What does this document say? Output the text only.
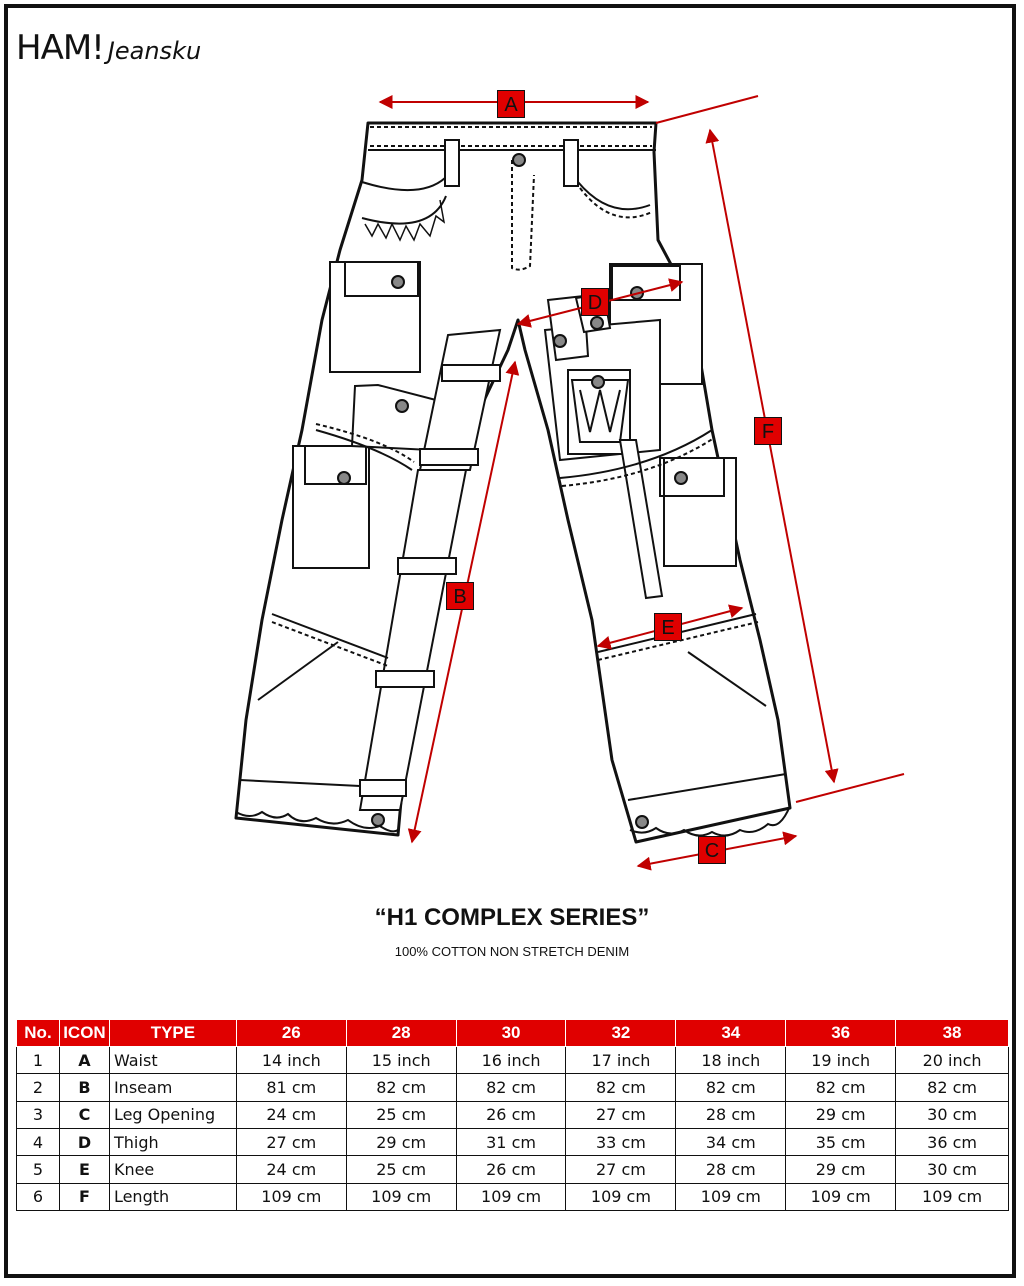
HAM! Jeansku
A
B
C
D
E
F
“H1 COMPLEX SERIES”
100% COTTON NON STRETCH DENIM
No.	ICON	TYPE	26	28	30	32	34	36	38
1	A	Waist	14 inch	15 inch	16 inch	17 inch	18 inch	19 inch	20 inch
2	B	Inseam	81 cm	82 cm	82 cm	82 cm	82 cm	82 cm	82 cm
3	C	Leg Opening	24 cm	25 cm	26 cm	27 cm	28 cm	29 cm	30 cm
4	D	Thigh	27 cm	29 cm	31 cm	33 cm	34 cm	35 cm	36 cm
5	E	Knee	24 cm	25 cm	26 cm	27 cm	28 cm	29 cm	30 cm
6	F	Length	109 cm	109 cm	109 cm	109 cm	109 cm	109 cm	109 cm
